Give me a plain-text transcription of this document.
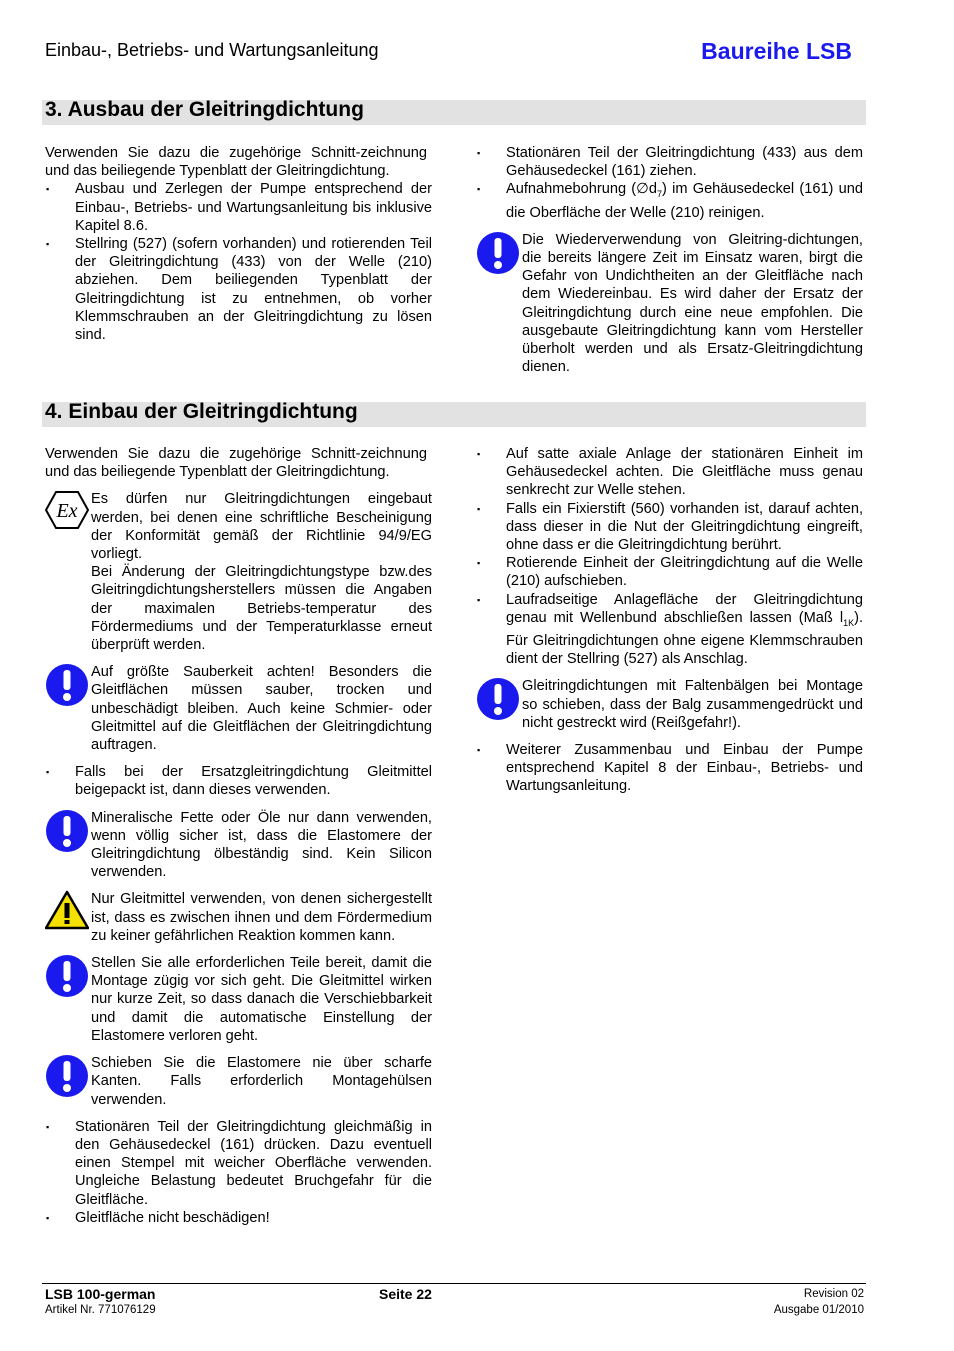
Einbau-, Betriebs- und Wartungsanleitung	Baureihe LSB
3. Ausbau der Gleitringdichtung

Verwenden Sie dazu die zugehörige Schnitt-zeichnung und das beiliegende Typenblatt der Gleitringdichtung.

▪	Ausbau und Zerlegen der Pumpe entsprechend der Einbau-, Betriebs- und Wartungsanleitung bis inklusive Kapitel 8.6.
▪	Stellring (527) (sofern vorhanden) und rotierenden Teil der Gleitringdichtung (433) von der Welle (210) abziehen. Dem beiliegenden Typenblatt der Gleitringdichtung ist zu entnehmen, ob vorher Klemmschrauben an der Gleitringdichtung zu lösen sind.
▪	Stationären Teil der Gleitringdichtung (433) aus dem Gehäusedeckel (161) ziehen.
▪	Aufnahmebohrung $(\emptyset d_7)$ im Gehäusedeckel (161) und die Oberfläche der Welle (210) reinigen.
Die Wiederverwendung von Gleitring-dichtungen, die bereits längere Zeit im Einsatz waren, birgt die Gefahr von Undichtheiten an der Gleitfläche nach dem Wiedereinbau. Es wird daher der Ersatz der Gleitringdichtung durch eine neue empfohlen. Die ausgebaute Gleitringdichtung kann vom Hersteller überholt werden und als Ersatz-Gleitringdichtung dienen.
4. Einbau der Gleitringdichtung

Verwenden Sie dazu die zugehörige Schnitt-zeichnung und das beiliegende Typenblatt der Gleitringdichtung.

Ex
Es dürfen nur Gleitringdichtungen eingebaut werden, bei denen eine schriftliche Bescheinigung der Konformität gemäß der Richtlinie 94/9/EG vorliegt.
Bei Änderung der Gleitringdichtungstype bzw.des Gleitringdichtungsherstellers müssen die Angaben der maximalen Betriebs-temperatur des Fördermediums und der Temperaturklasse erneut überprüft werden.
Auf größte Sauberkeit achten! Besonders die Gleitflächen müssen sauber, trocken und unbeschädigt bleiben. Auch keine Schmier- oder Gleitmittel auf die Gleitflächen der Gleitringdichtung auftragen.
▪	Falls bei der Ersatzgleitringdichtung Gleitmittel beigepackt ist, dann dieses verwenden.
Mineralische Fette oder Öle nur dann verwenden, wenn völlig sicher ist, dass die Elastomere der Gleitringdichtung ölbeständig sind. Kein Silicon verwenden.
Nur Gleitmittel verwenden, von denen sichergestellt ist, dass es zwischen ihnen und dem Fördermedium zu keiner gefährlichen Reaktion kommen kann.
Stellen Sie alle erforderlichen Teile bereit, damit die Montage zügig vor sich geht. Die Gleitmittel wirken nur kurze Zeit, so dass danach die Verschiebbarkeit und damit die automatische Einstellung der Elastomere verloren geht.
Schieben Sie die Elastomere nie über scharfe Kanten. Falls erforderlich Montagehülsen verwenden.
▪	Stationären Teil der Gleitringdichtung gleichmäßig in den Gehäusedeckel (161) drücken. Dazu eventuell einen Stempel mit weicher Oberfläche verwenden. Ungleiche Belastung bedeutet Bruchgefahr für die Gleitfläche.
▪	Gleitfläche nicht beschädigen!
▪	Auf satte axiale Anlage der stationären Einheit im Gehäusedeckel achten. Die Gleitfläche muss genau senkrecht zur Welle stehen.
▪	Falls ein Fixierstift (560) vorhanden ist, darauf achten, dass dieser in die Nut der Gleitringdichtung eingreift, ohne dass er die Gleitringdichtung berührt.
▪	Rotierende Einheit der Gleitringdichtung auf die Welle (210) aufschieben.
▪	Laufradseitige Anlagefläche der Gleitringdichtung genau mit Wellenbund abschließen lassen (Maß $l_{1K}$). Für Gleitringdichtungen ohne eigene Klemmschrauben dient der Stellring (527) als Anschlag.
Gleitringdichtungen mit Faltenbälgen bei Montage so schieben, dass der Balg zusammengedrückt und nicht gestreckt wird (Reißgefahr!).
▪	Weiterer Zusammenbau und Einbau der Pumpe entsprechend Kapitel 8 der Einbau-, Betriebs- und Wartungsanleitung.
LSB 100-german
Artikel Nr. 771076129
Seite 22	Revision 02
Ausgabe 01/2010
